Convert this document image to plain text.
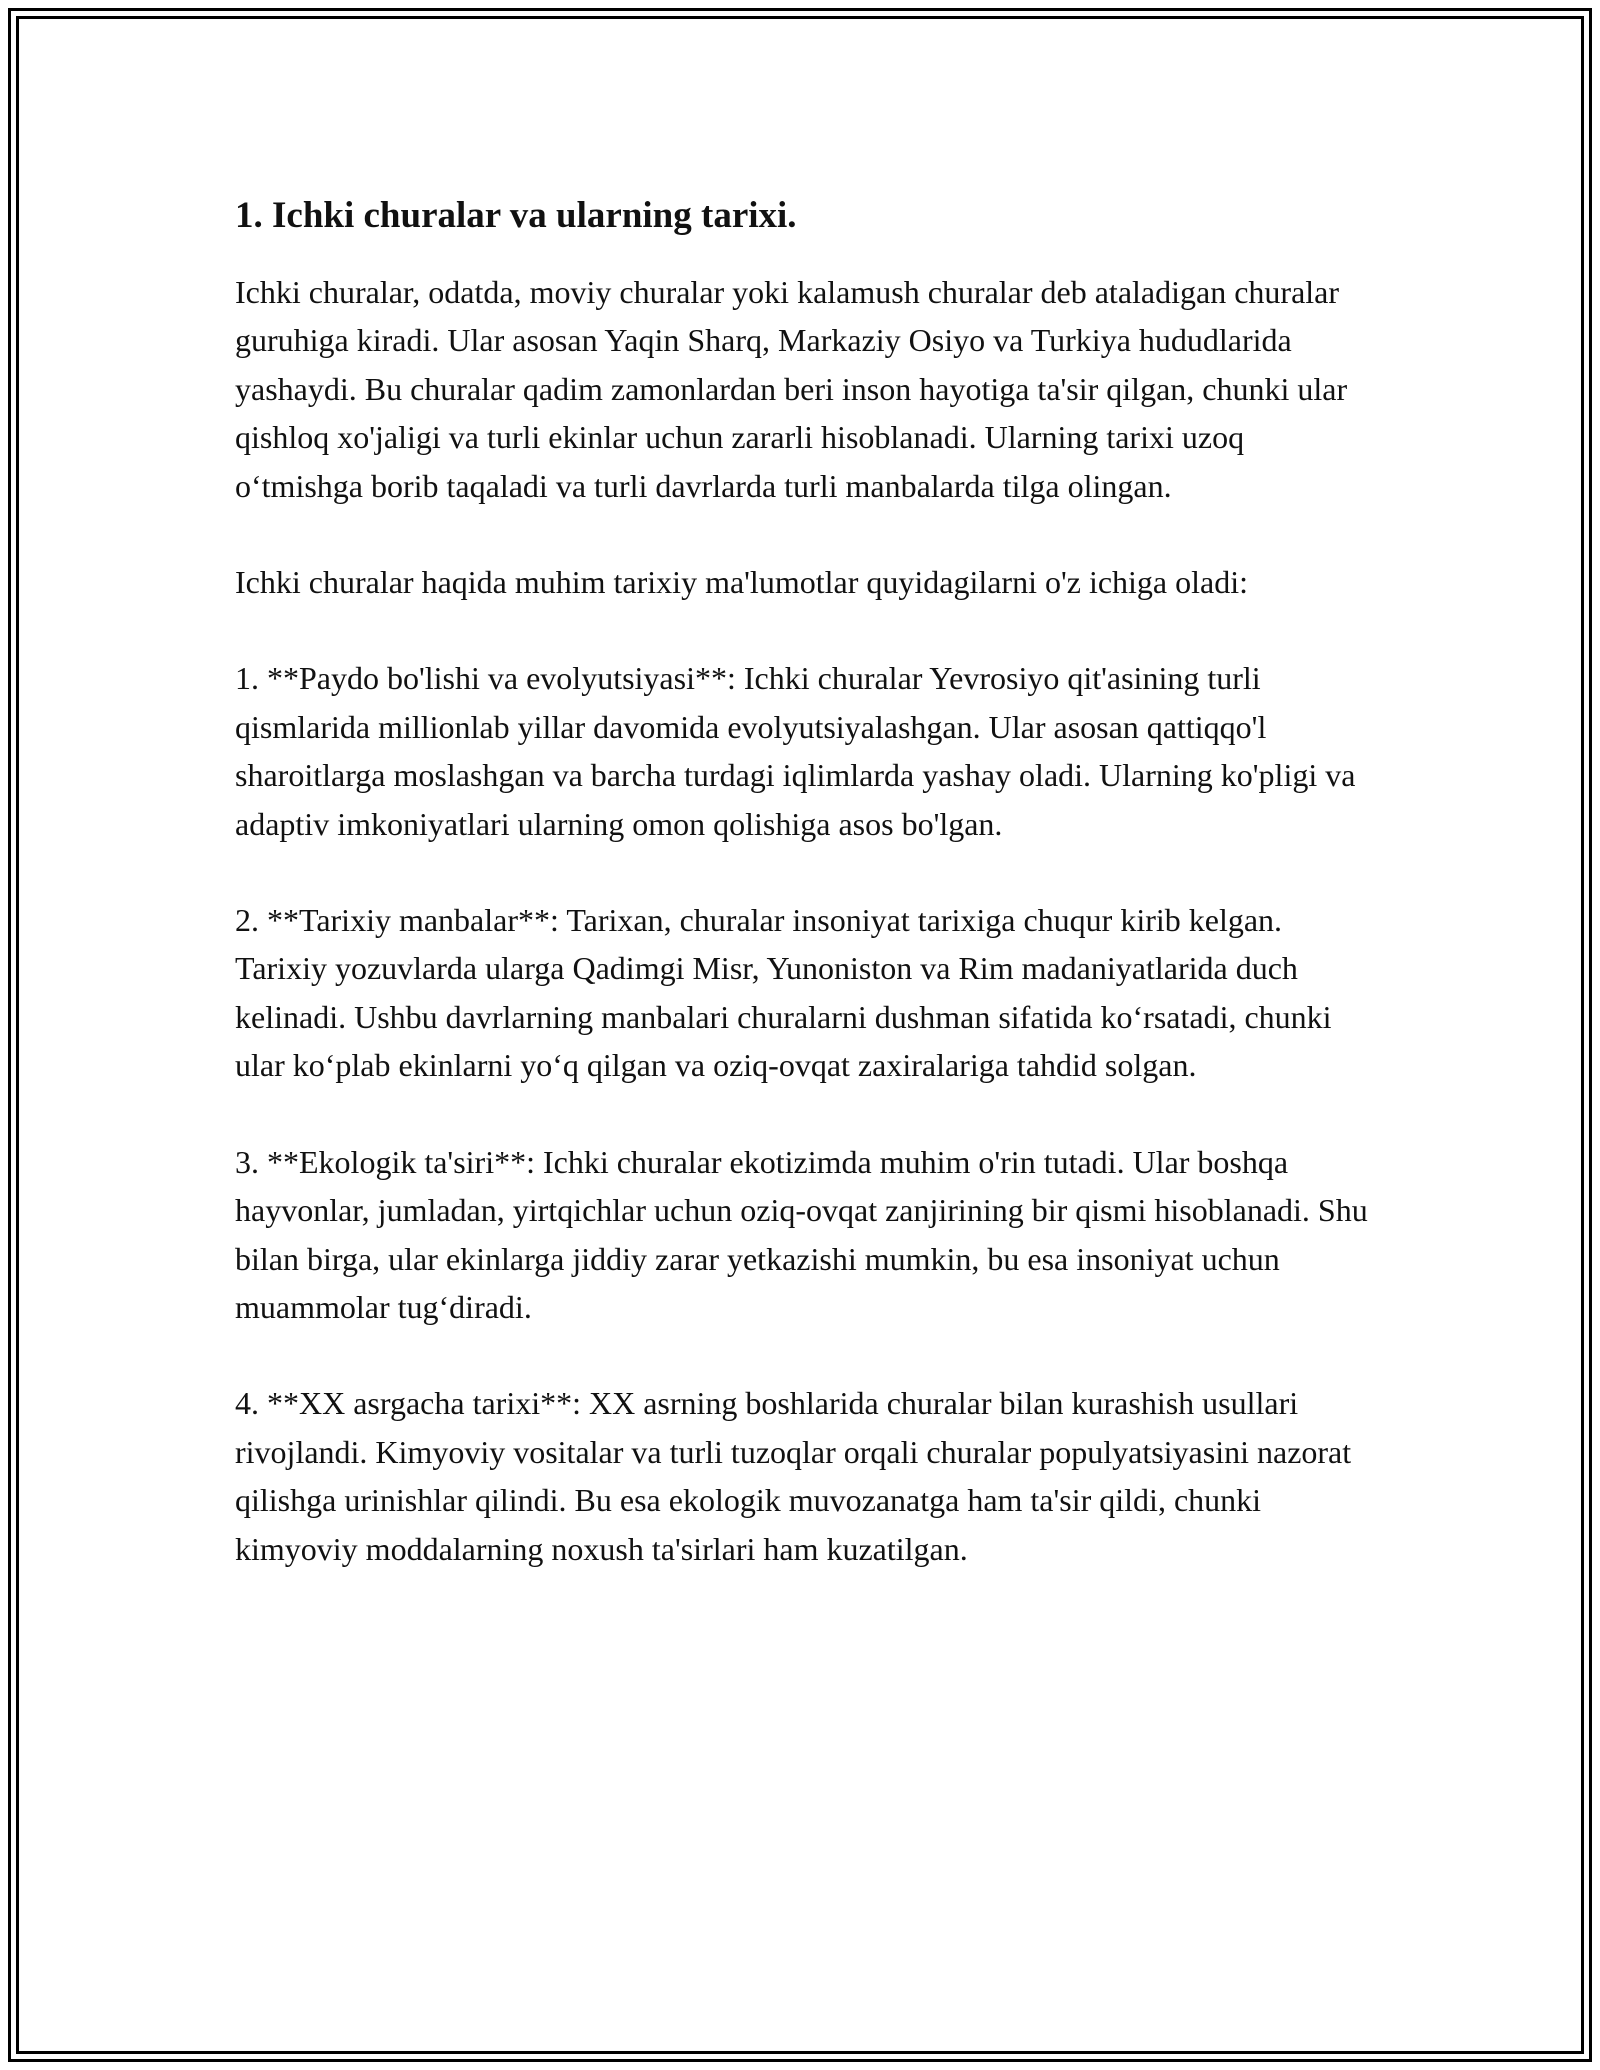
1. Ichki churalar va ularning tarixi.

Ichki churalar, odatda, moviy churalar yoki kalamush churalar deb ataladigan churalar guruhiga kiradi. Ular asosan Yaqin Sharq, Markaziy Osiyo va Turkiya hududlarida yashaydi. Bu churalar qadim zamonlardan beri inson hayotiga ta'sir qilgan, chunki ular qishloq xo'jaligi va turli ekinlar uchun zararli hisoblanadi. Ularning tarixi uzoq o‘tmishga borib taqaladi va turli davrlarda turli manbalarda tilga olingan.

Ichki churalar haqida muhim tarixiy ma'lumotlar quyidagilarni o'z ichiga oladi:

1. **Paydo bo'lishi va evolyutsiyasi**: Ichki churalar Yevrosiyo qit'asining turli qismlarida millionlab yillar davomida evolyutsiyalashgan. Ular asosan qattiqqo'l sharoitlarga moslashgan va barcha turdagi iqlimlarda yashay oladi. Ularning ko'pligi va adaptiv imkoniyatlari ularning omon qolishiga asos bo'lgan.

2. **Tarixiy manbalar**: Tarixan, churalar insoniyat tarixiga chuqur kirib kelgan. Tarixiy yozuvlarda ularga Qadimgi Misr, Yunoniston va Rim madaniyatlarida duch kelinadi. Ushbu davrlarning manbalari churalarni dushman sifatida ko‘rsatadi, chunki ular ko‘plab ekinlarni yo‘q qilgan va oziq-ovqat zaxiralariga tahdid solgan.

3. **Ekologik ta'siri**: Ichki churalar ekotizimda muhim o'rin tutadi. Ular boshqa hayvonlar, jumladan, yirtqichlar uchun oziq-ovqat zanjirining bir qismi hisoblanadi. Shu bilan birga, ular ekinlarga jiddiy zarar yetkazishi mumkin, bu esa insoniyat uchun muammolar tug‘diradi.

4. **XX asrgacha tarixi**: XX asrning boshlarida churalar bilan kurashish usullari rivojlandi. Kimyoviy vositalar va turli tuzoqlar orqali churalar populyatsiyasini nazorat qilishga urinishlar qilindi. Bu esa ekologik muvozanatga ham ta'sir qildi, chunki kimyoviy moddalarning noxush ta'sirlari ham kuzatilgan.
